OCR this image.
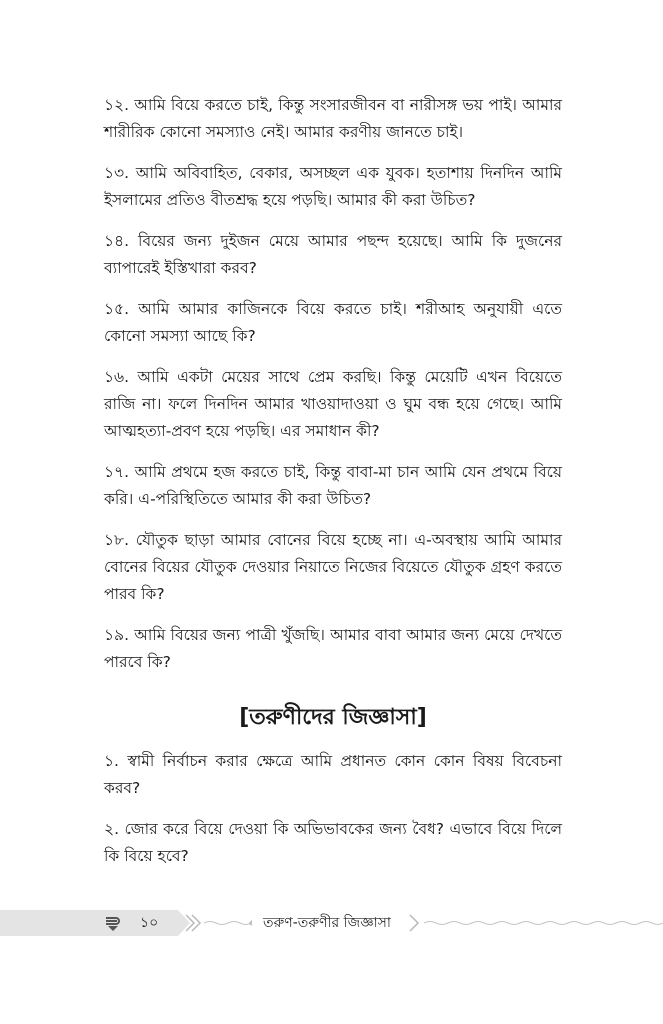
১২. আমি বিয়ে করতে চাই, কিন্তু সংসারজীবন বা নারীসঙ্গ ভয় পাই। আমার শারীরিক কোনো সমস্যাও নেই। আমার করণীয় জানতে চাই।

১৩. আমি অবিবাহিত, বেকার, অসচ্ছল এক যুবক। হতাশায় দিনদিন আমি ইসলামের প্রতিও বীতশ্রদ্ধ হয়ে পড়ছি। আমার কী করা উচিত?

১৪. বিয়ের জন্য দুইজন মেয়ে আমার পছন্দ হয়েছে। আমি কি দুজনের ব্যাপারেই ইস্তিখারা করব?

১৫. আমি আমার কাজিনকে বিয়ে করতে চাই। শরীআহ অনুযায়ী এতে কোনো সমস্যা আছে কি?

১৬. আমি একটা মেয়ের সাথে প্রেম করছি। কিন্তু মেয়েটি এখন বিয়েতে রাজি না। ফলে দিনদিন আমার খাওয়াদাওয়া ও ঘুম বন্ধ হয়ে গেছে। আমি আত্মহত্যা-প্রবণ হয়ে পড়ছি। এর সমাধান কী?

১৭. আমি প্রথমে হজ করতে চাই, কিন্তু বাবা-মা চান আমি যেন প্রথমে বিয়ে করি। এ-পরিস্থিতিতে আমার কী করা উচিত?

১৮. যৌতুক ছাড়া আমার বোনের বিয়ে হচ্ছে না। এ-অবস্থায় আমি আমার বোনের বিয়ের যৌতুক দেওয়ার নিয়াতে নিজের বিয়েতে যৌতুক গ্রহণ করতে পারব কি?

১৯. আমি বিয়ের জন্য পাত্রী খুঁজছি। আমার বাবা আমার জন্য মেয়ে দেখতে পারবে কি?

[তরুণীদের জিজ্ঞাসা]

১. স্বামী নির্বাচন করার ক্ষেত্রে আমি প্রধানত কোন কোন বিষয় বিবেচনা করব?

২. জোর করে বিয়ে দেওয়া কি অভিভাবকের জন্য বৈধ? এভাবে বিয়ে দিলে কি বিয়ে হবে?

১০	তরুণ-তরুণীর জিজ্ঞাসা
